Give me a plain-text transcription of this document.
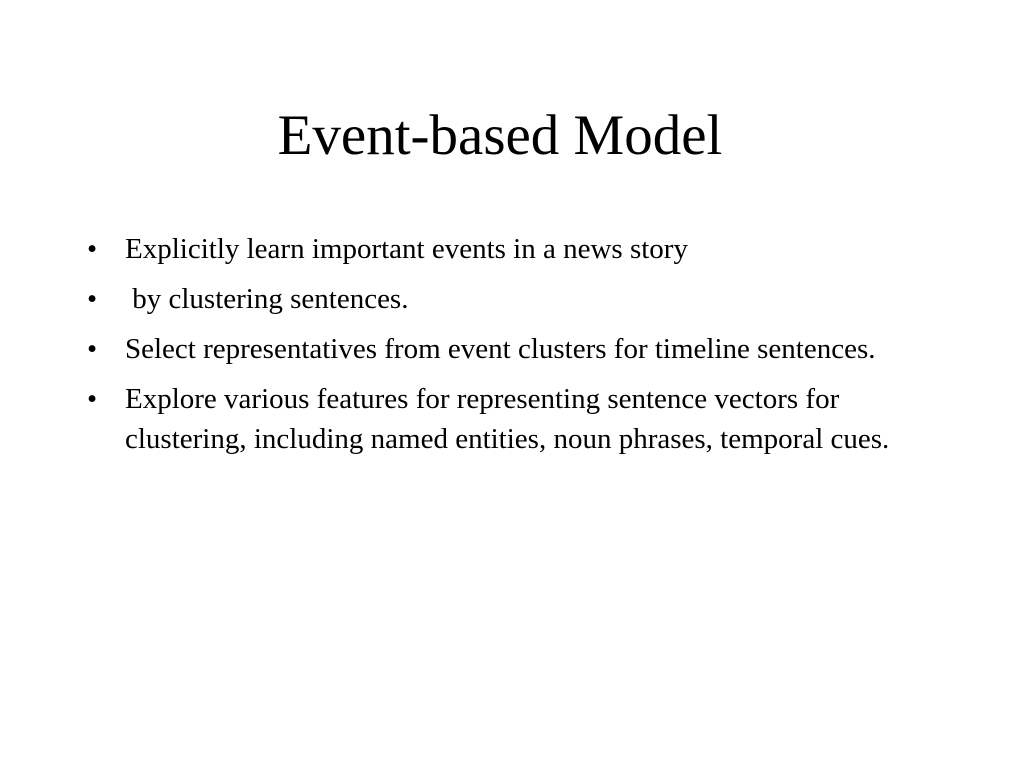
Event-based Model
• Explicitly learn important events in a news story
• by clustering sentences.
• Select representatives from event clusters for timeline sentences.
• Explore various features for representing sentence vectors for clustering, including named entities, noun phrases, temporal cues.
